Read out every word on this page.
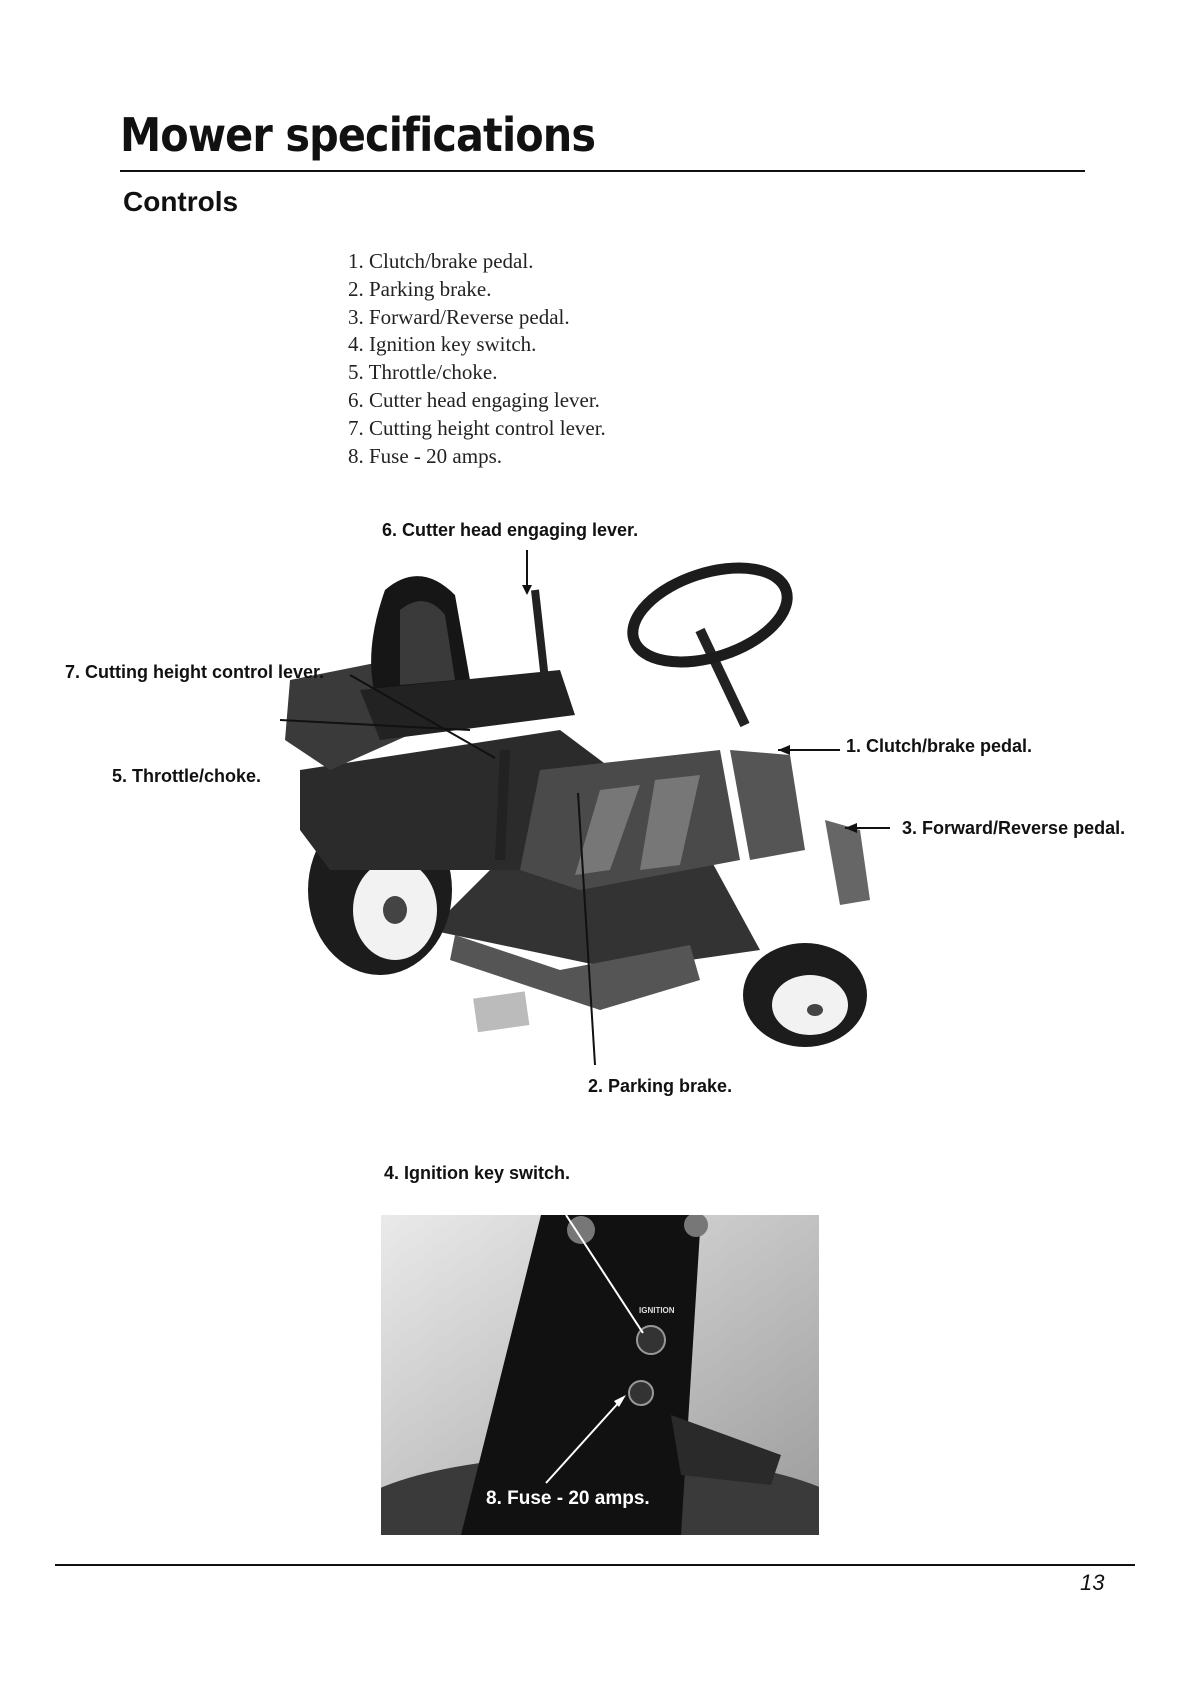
Mower specifications
Controls
1. Clutch/brake pedal.
2. Parking brake.
3. Forward/Reverse pedal.
4. Ignition key switch.
5. Throttle/choke.
6. Cutter head engaging lever.
7. Cutting height control lever.
8. Fuse - 20 amps.
6. Cutter head engaging lever.
7. Cutting height control lever.
5. Throttle/choke.
1. Clutch/brake pedal.
3. Forward/Reverse pedal.
2. Parking brake.
4. Ignition key switch.
IGNITION
8. Fuse - 20 amps.
13
